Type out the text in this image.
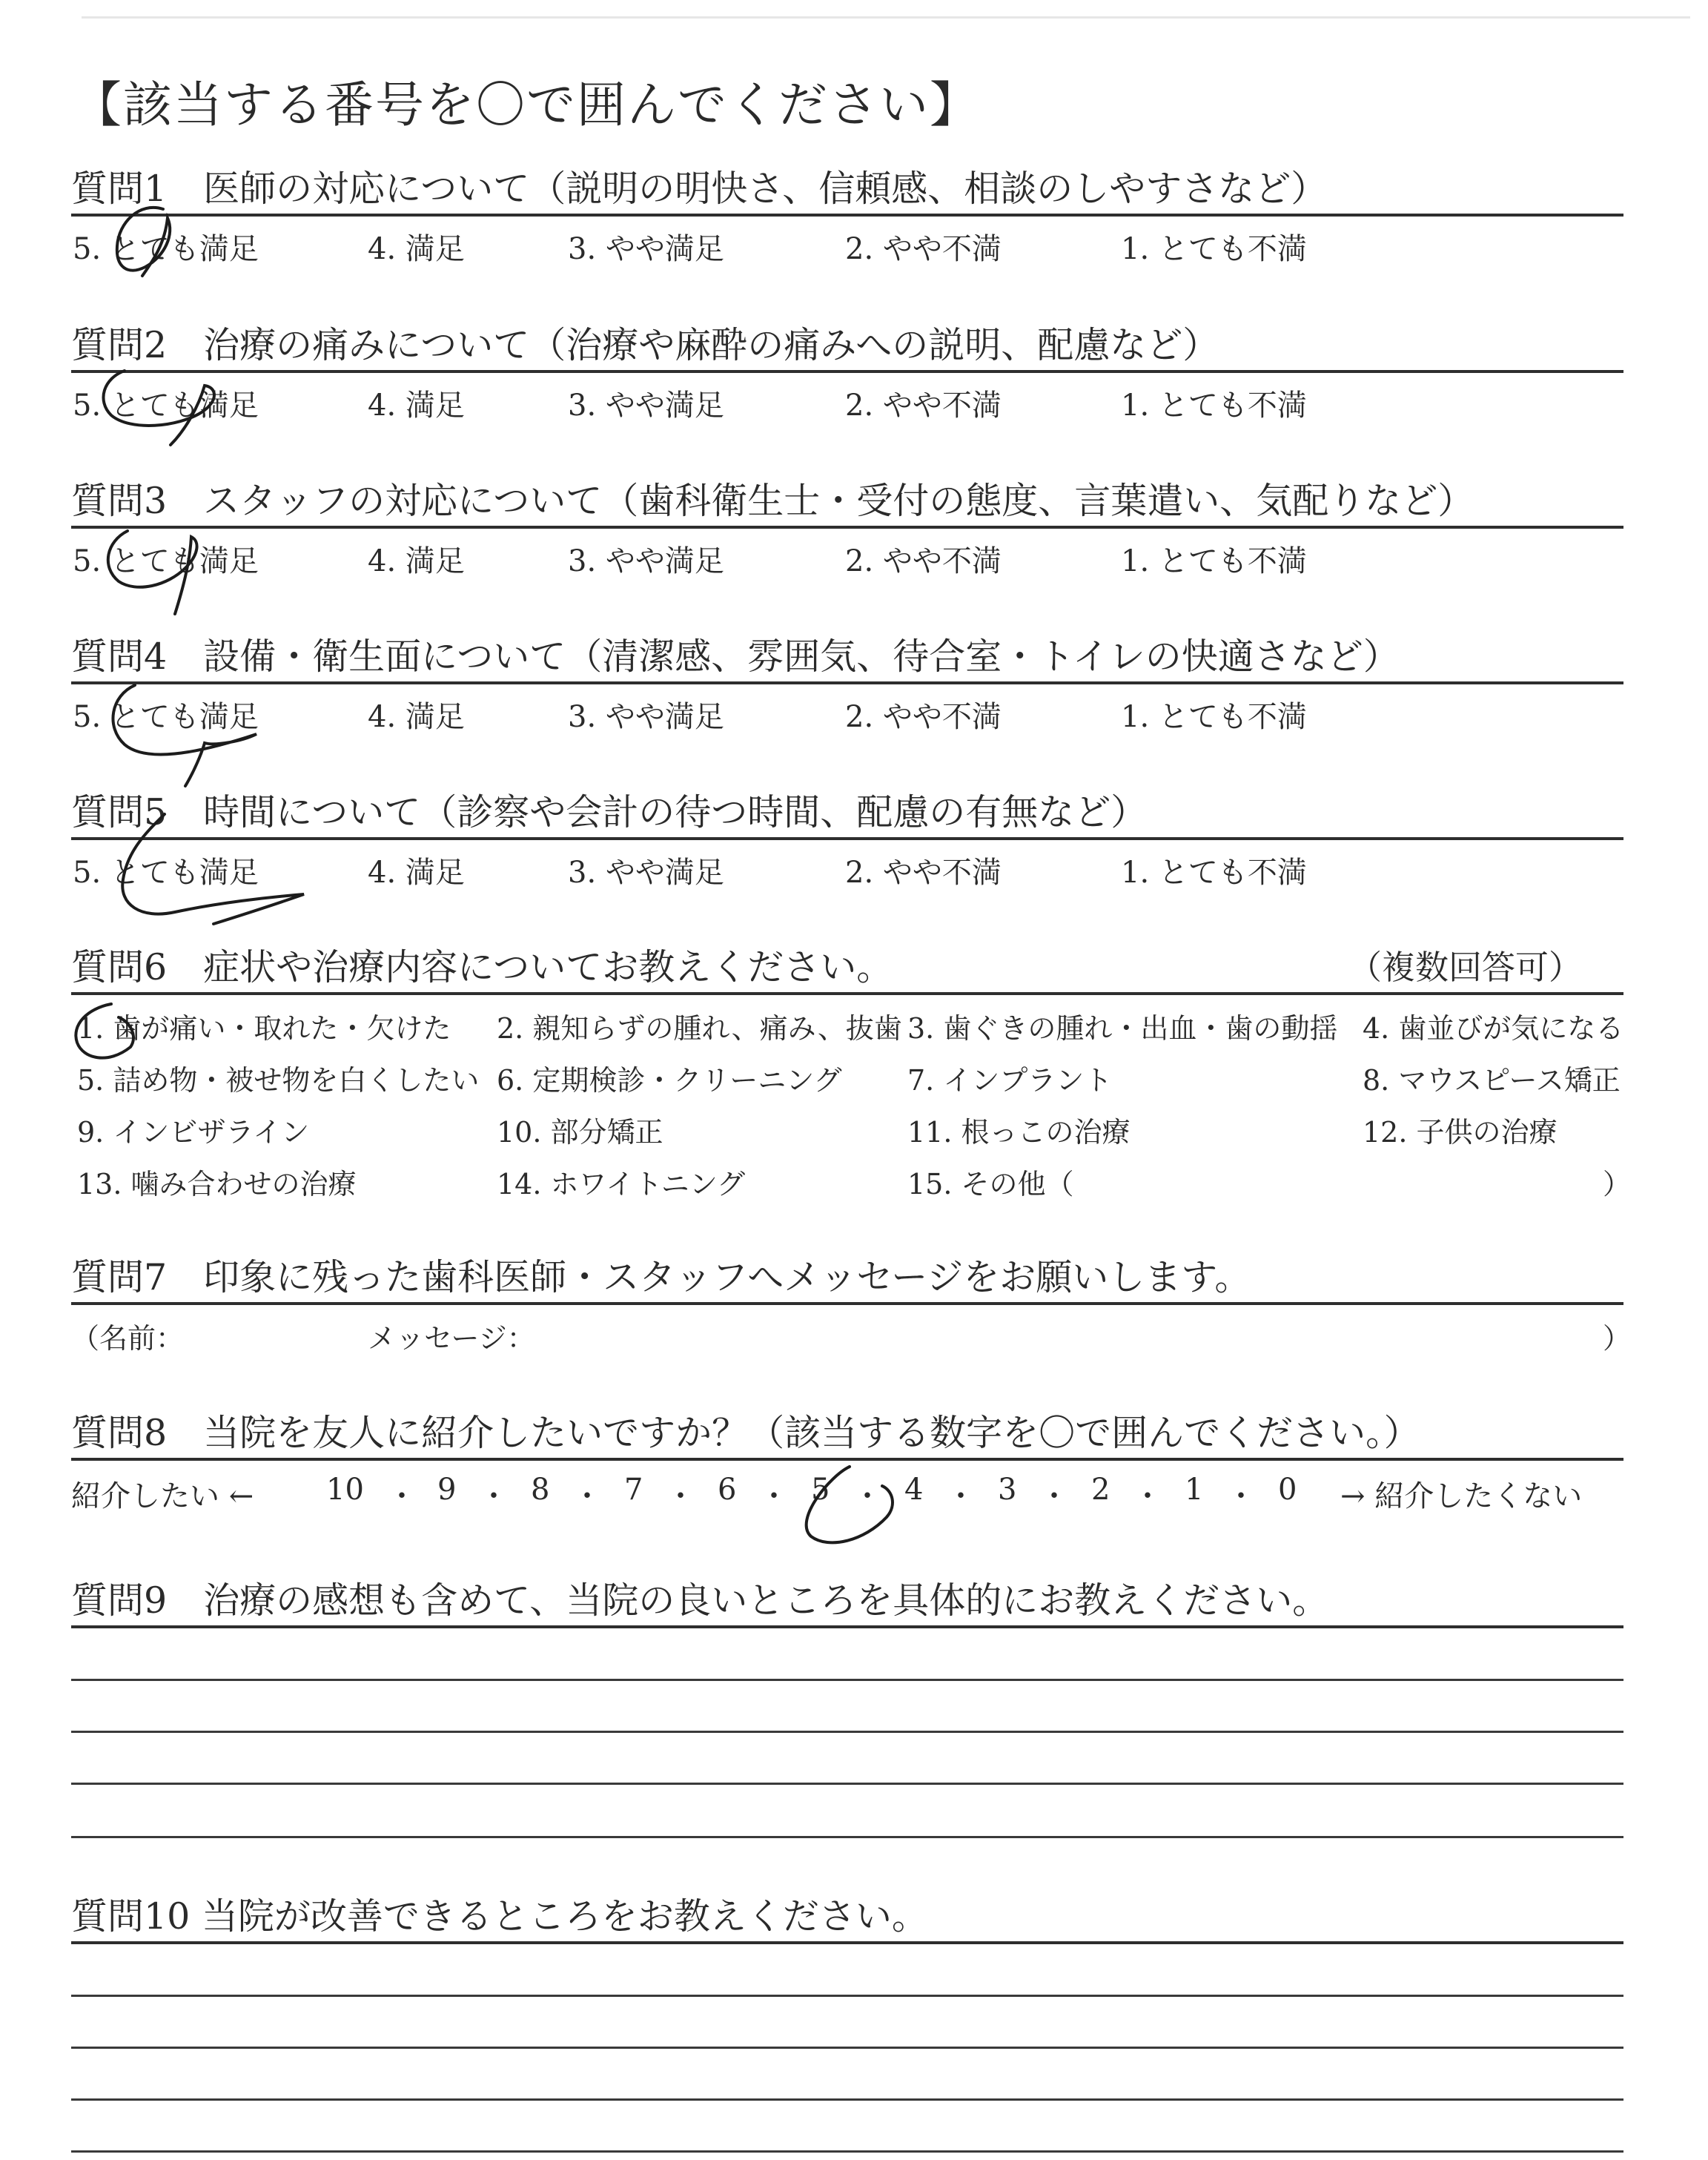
【該当する番号を〇で囲んでください】
質問1　医師の対応について（説明の明快さ、信頼感、相談のしやすさなど）
5. とても満足	4. 満足	3. やや満足	2. やや不満	1. とても不満
質問2　治療の痛みについて（治療や麻酔の痛みへの説明、配慮など）
5. とても満足	4. 満足	3. やや満足	2. やや不満	1. とても不満
質問3　スタッフの対応について（歯科衛生士・受付の態度、言葉遣い、気配りなど）
5. とても満足	4. 満足	3. やや満足	2. やや不満	1. とても不満
質問4　設備・衛生面について（清潔感、雰囲気、待合室・トイレの快適さなど）
5. とても満足	4. 満足	3. やや満足	2. やや不満	1. とても不満
質問5　時間について（診察や会計の待つ時間、配慮の有無など）
5. とても満足	4. 満足	3. やや満足	2. やや不満	1. とても不満
質問6　症状や治療内容についてお教えください。	（複数回答可）
1. 歯が痛い・取れた・欠けた 2. 親知らずの腫れ、痛み、抜歯 3. 歯ぐきの腫れ・出血・歯の動揺 4. 歯並びが気になる
5. 詰め物・被せ物を白くしたい 6. 定期検診・クリーニング 7. インプラント	8. マウスピース矯正
9. インビザライン	10. 部分矯正	11. 根っこの治療	12. 子供の治療
13. 噛み合わせの治療	14. ホワイトニング	15. その他（	）
質問7　印象に残った歯科医師・スタッフへメッセージをお願いします。
（名前：	メッセージ：	）
質問8　当院を友人に紹介したいですか？（該当する数字を〇で囲んでください。）
紹介したい ← 10 ・ 9 ・ 8 ・ 7 ・ 6 ・ 5 ・ 4 ・ 3 ・ 2 ・ 1 ・ 0 → 紹介したくない
質問9　治療の感想も含めて、当院の良いところを具体的にお教えください。
質問10 当院が改善できるところをお教えください。
